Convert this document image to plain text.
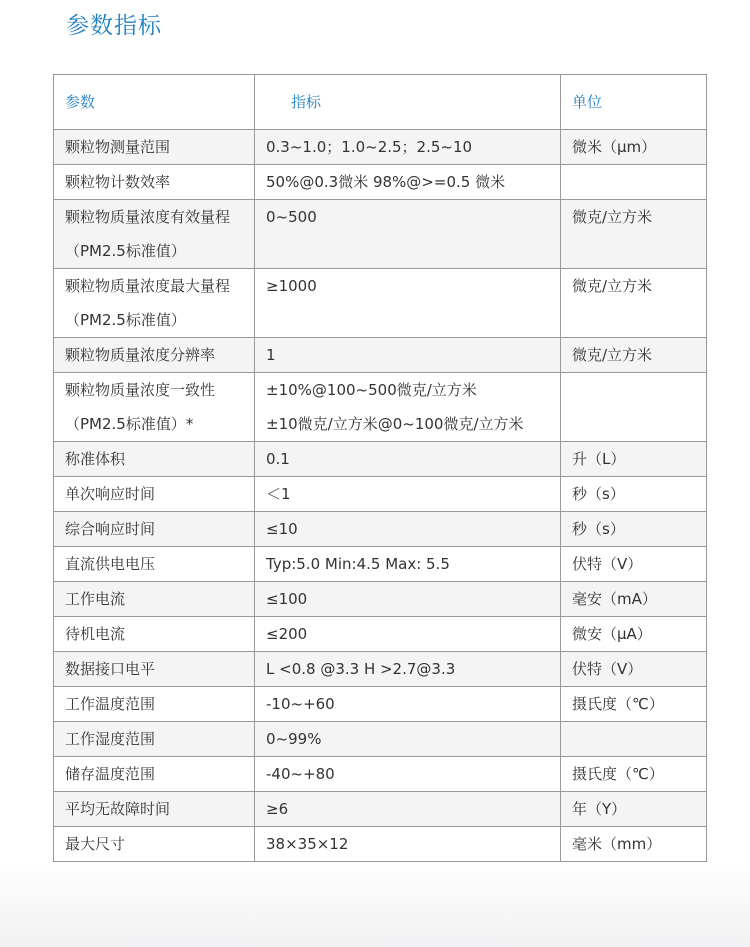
参数指标
参数	指标	单位
颗粒物测量范围	0.3~1.0；1.0~2.5；2.5~10	微米（μm）
颗粒物计数效率	50%@0.3微米 98%@>=0.5 微米	

颗粒物质量浓度有效量程
（PM2.5标准值）	0~500	微克/立方米

颗粒物质量浓度最大量程
（PM2.5标准值）	≥1000	微克/立方米
颗粒物质量浓度分辨率	1	微克/立方米

颗粒物质量浓度一致性
（PM2.5标准值）*	±10%@100~500微克/立方米
±10微克/立方米@0~100微克/立方米	

称准体积	0.1	升（L）
单次响应时间	＜1	秒（s）
综合响应时间	≤10	秒（s）
直流供电电压	Typ:5.0 Min:4.5 Max: 5.5	伏特（V）
工作电流	≤100	毫安（mA）
待机电流	≤200	微安（μA）
数据接口电平	L <0.8 @3.3 H >2.7@3.3	伏特（V）
工作温度范围	-10~+60	摄氏度（℃）
工作湿度范围	0~99%	
储存温度范围	-40~+80	摄氏度（℃）
平均无故障时间	≥6	年（Y）
最大尺寸	38×35×12	毫米（mm）
